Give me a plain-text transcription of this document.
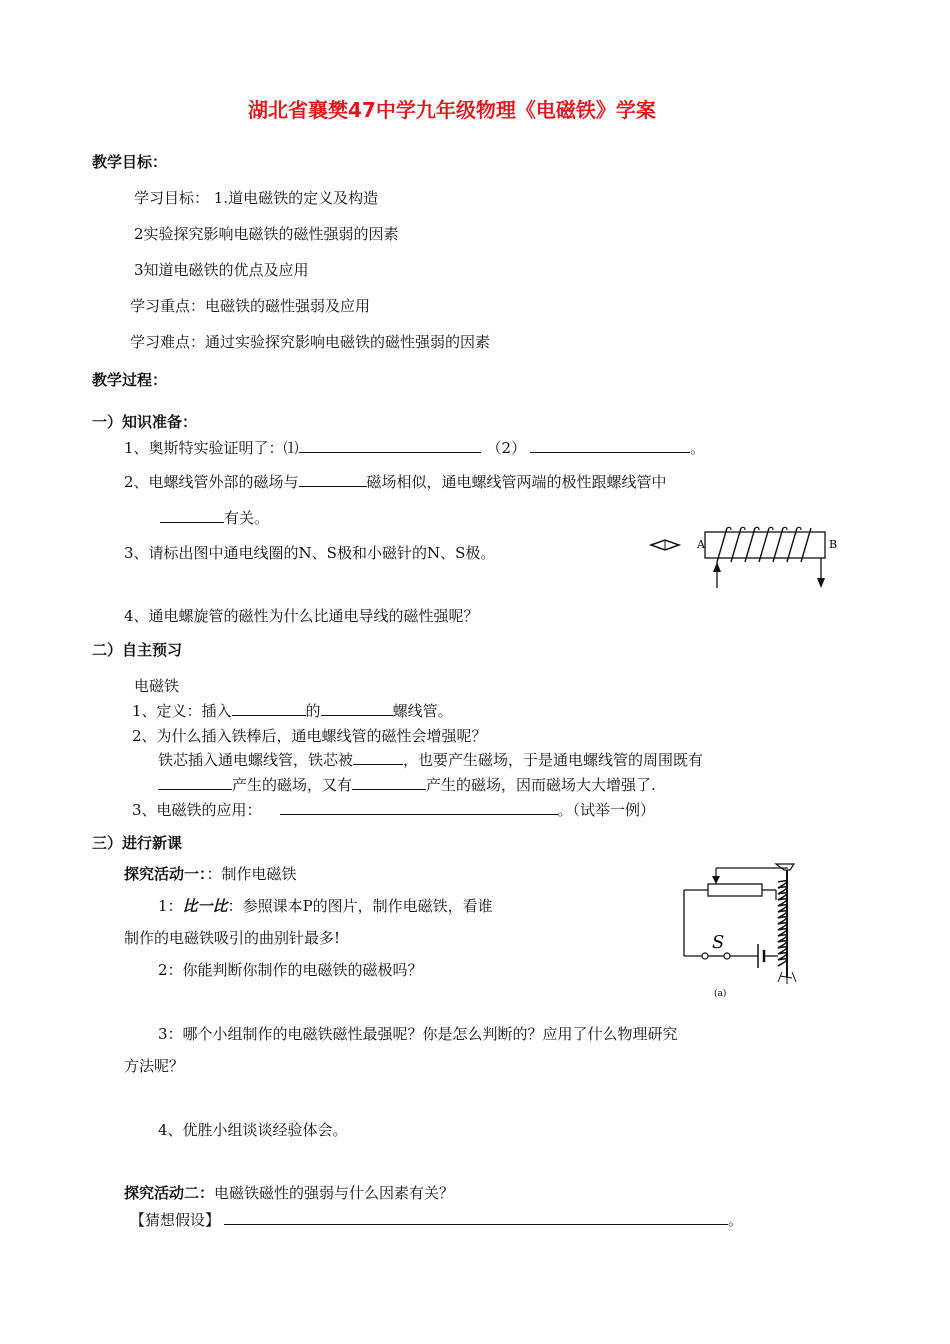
湖北省襄樊47中学九年级物理《电磁铁》学案
教学目标：
学习目标： 1.道电磁铁的定义及构造
2实验探究影响电磁铁的磁性强弱的因素
3知道电磁铁的优点及应用
学习重点：电磁铁的磁性强弱及应用
学习难点：通过实验探究影响电磁铁的磁性强弱的因素
教学过程：
一）知识准备：
1、奥斯特实验证明了：⑴	（2）	。
2、电螺线管外部的磁场与	磁场相似，通电螺线管两端的极性跟螺线管中
有关。
3、请标出图中通电线圈的N、S极和小磁针的N、S极。	A	B
4、通电螺旋管的磁性为什么比通电导线的磁性强呢？
二）自主预习
电磁铁
1、定义：插入	的	螺线管。
2、为什么插入铁棒后，通电螺线管的磁性会增强呢？
铁芯插入通电螺线管，铁芯被	，也要产生磁场，于是通电螺线管的周围既有
产生的磁场，又有	产生的磁场，因而磁场大大增强了.
3、电磁铁的应用：	。（试举一例）
三）进行新课
探究活动一：：制作电磁铁
1：比一比：参照课本P的图片，制作电磁铁，看谁
制作的电磁铁吸引的曲别针最多!
2：你能判断你制作的电磁铁的磁极吗？
S
(a)
3：哪个小组制作的电磁铁磁性最强呢？你是怎么判断的？应用了什么物理研究
方法呢？
4、优胜小组谈谈经验体会。
探究活动二：电磁铁磁性的强弱与什么因素有关？
【猜想假设】	。
